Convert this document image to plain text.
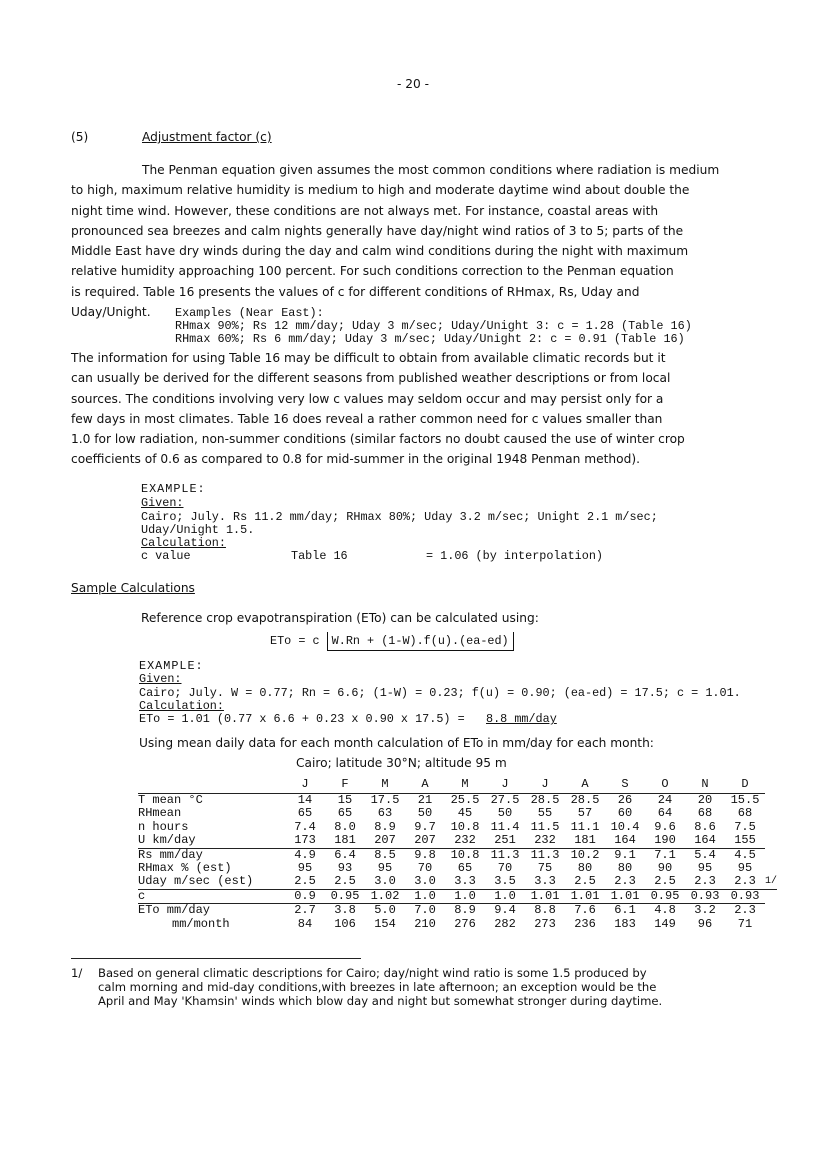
- 20 -
(5)	Adjustment factor (c)

The Penman equation given assumes the most common conditions where radiation is medium
to high, maximum relative humidity is medium to high and moderate daytime wind about double the
night time wind. However, these conditions are not always met. For instance, coastal areas with
pronounced sea breezes and calm nights generally have day/night wind ratios of 3 to 5; parts of the
Middle East have dry winds during the day and calm wind conditions during the night with maximum
relative humidity approaching 100 percent. For such conditions correction to the Penman equation
is required. Table 16 presents the values of c for different conditions of RHmax, Rs, Uday and

Uday/Unight. Examples (Near East):
RHmax 90%; Rs 12 mm/day; Uday 3 m/sec; Uday/Unight 3: c = 1.28 (Table 16)
RHmax 60%; Rs 6 mm/day; Uday 3 m/sec; Uday/Unight 2: c = 0.91 (Table 16)

The information for using Table 16 may be difficult to obtain from available climatic records but it
can usually be derived for the different seasons from published weather descriptions or from local
sources. The conditions involving very low c values may seldom occur and may persist only for a
few days in most climates. Table 16 does reveal a rather common need for c values smaller than
1.0 for low radiation, non-summer conditions (similar factors no doubt caused the use of winter crop
coefficients of 0.6 as compared to 0.8 for mid-summer in the original 1948 Penman method).

EXAMPLE:
Given:
Cairo; July. Rs 11.2 mm/day; RHmax 80%; Uday 3.2 m/sec; Unight 2.1 m/sec;
Uday/Unight 1.5.
Calculation:
c value	Table 16	= 1.06 (by interpolation)
Sample Calculations
Reference crop evapotranspiration (ETo) can be calculated using:
ETo = c W.Rn + (1-W).f(u).(ea-ed)
EXAMPLE:
Given:
Cairo; July. W = 0.77; Rn = 6.6; (1-W) = 0.23; f(u) = 0.90; (ea-ed) = 17.5; c = 1.01.
Calculation:
ETo = 1.01 (0.77 x 6.6 + 0.23 x 0.90 x 17.5) = 8.8 mm/day
Using mean daily data for each month calculation of ETo in mm/day for each month:
Cairo; latitude 30°N; altitude 95 m
	J	F	M	A	M	J	J	A	S	O	N	D	
T mean °C	14	15	17.5	21	25.5	27.5	28.5	28.5	26	24	20	15.5	
RHmean	65	65	63	50	45	50	55	57	60	64	68	68	
n hours	7.4	8.0	8.9	9.7	10.8	11.4	11.5	11.1	10.4	9.6	8.6	7.5	
U km/day	173	181	207	207	232	251	232	181	164	190	164	155	
Rs mm/day	4.9	6.4	8.5	9.8	10.8	11.3	11.3	10.2	9.1	7.1	5.4	4.5	
RHmax % (est)	95	93	95	70	65	70	75	80	80	90	95	95	
Uday m/sec (est)	2.5	2.5	3.0	3.0	3.3	3.5	3.3	2.5	2.3	2.5	2.3	2.3	1/
c	0.9	0.95	1.02	1.0	1.0	1.0	1.01	1.01	1.01	0.95	0.93	0.93	
ETo mm/day	2.7	3.8	5.0	7.0	8.9	9.4	8.8	7.6	6.1	4.8	3.2	2.3	
mm/month	84	106	154	210	276	282	273	236	183	149	96	71	
1/ Based on general climatic descriptions for Cairo; day/night wind ratio is some 1.5 produced by
calm morning and mid-day conditions,with breezes in late afternoon; an exception would be the
April and May 'Khamsin' winds which blow day and night but somewhat stronger during daytime.
